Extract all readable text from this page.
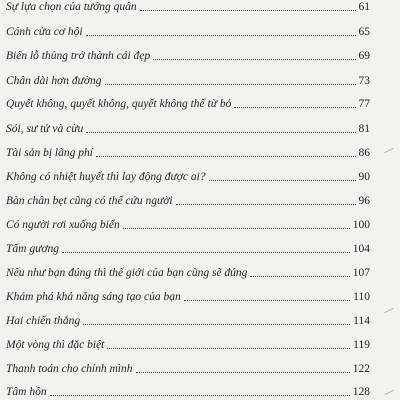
Sự lựa chọn của tướng quân	61
Cánh cửa cơ hội	65
Biến lỗ thủng trở thành cái đẹp	69
Chân dài hơn đường	73
Quyết không, quyết không, quyết không thể từ bỏ	77
Sói, sư tử và cừu	81
Tài sản bị lãng phí	86
Không có nhiệt huyết thì lay động được ai?	90
Bàn chân bẹt cũng có thể cứu người	96
Có người rơi xuống biển	100
Tấm gương	104
Nếu như bạn đúng thì thế giới của bạn cũng sẽ đúng	107
Khám phá khả năng sáng tạo của bạn	110
Hai chiến thắng	114
Một vòng thì đặc biệt	119
Thanh toán cho chính mình	122
Tâm hồn	128
